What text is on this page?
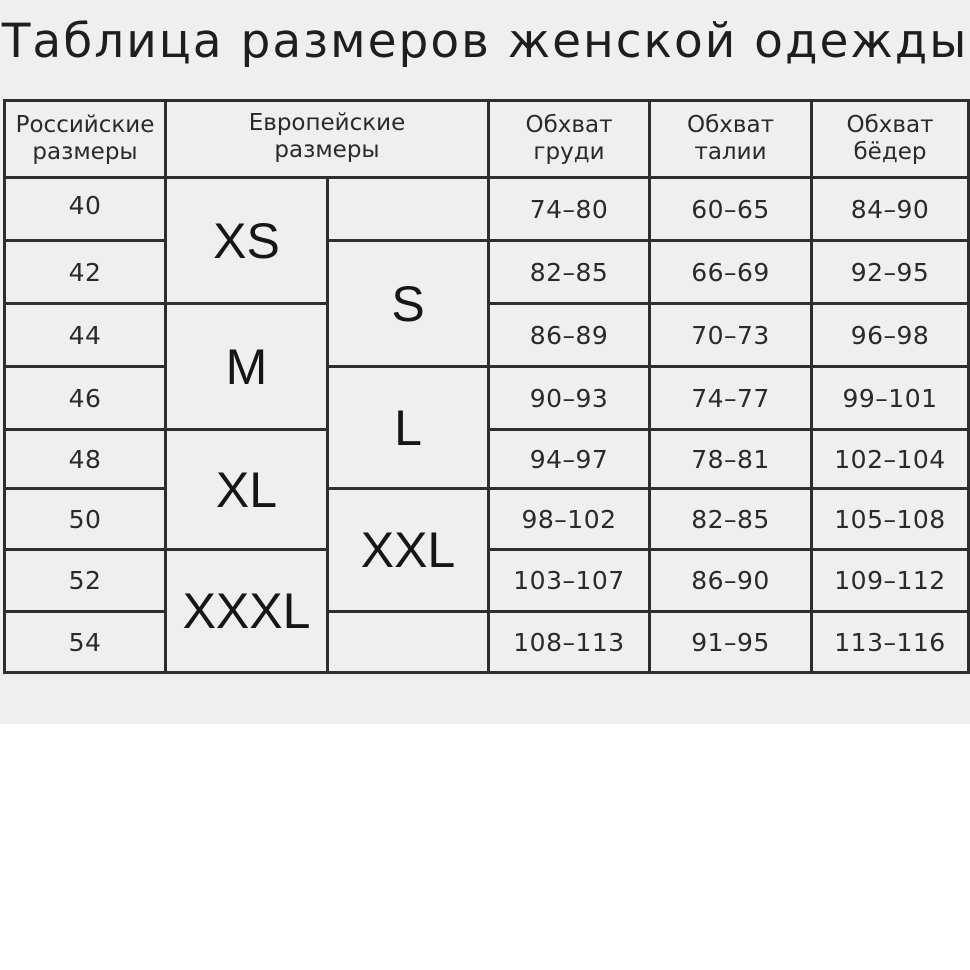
Таблица размеров женской одежды
Российские
размеры
Европейские
размеры
Обхват
груди
Обхват
талии
Обхват
бёдер
40
42
44
46
48
50
52
54
XS
M
XL
XXXL
S
L
XXL
74–80
82–85
86–89
90–93
94–97
98–102
103–107
108–113
60–65
66–69
70–73
74–77
78–81
82–85
86–90
91–95
84–90
92–95
96–98
99–101
102–104
105–108
109–112
113–116
